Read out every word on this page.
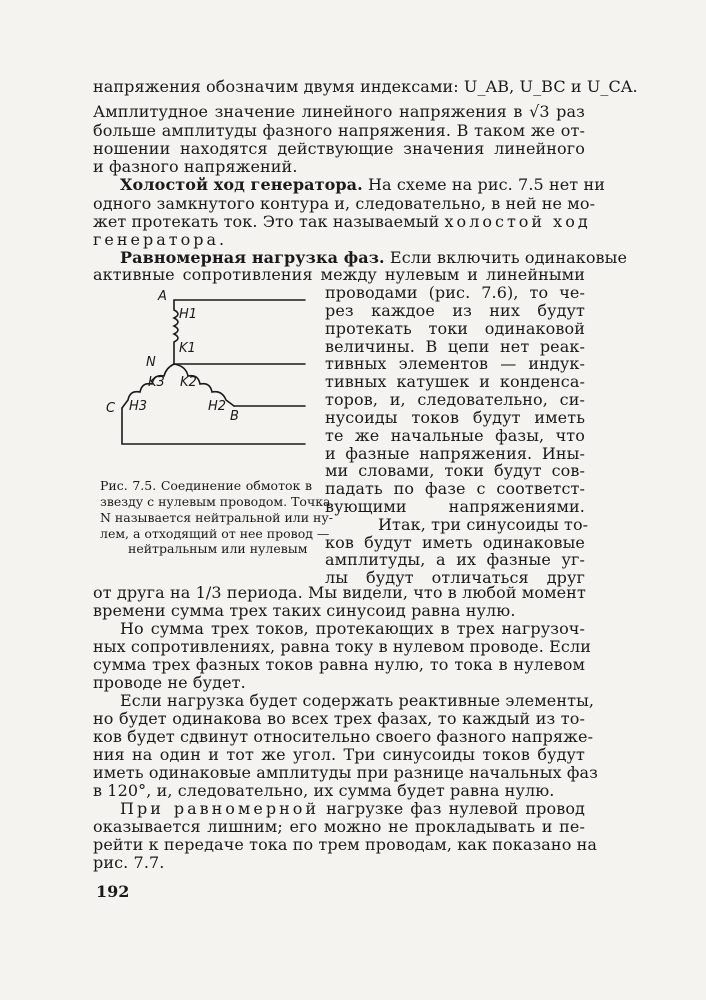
напряжения обозначим двумя индексами: U_AB, U_BC и U_CA.
Амплитудное значение линейного напряжения в √3 раз
больше амплитуды фазного напряжения. В таком же от-
ношении находятся действующие значения линейного
и фазного напряжений.
Холостой ход генератора. На схеме на рис. 7.5 нет ни
одного замкнутого контура и, следовательно, в ней не мо-
жет протекать ток. Это так называемый холостой ход
генератора.
Равномерная нагрузка фаз. Если включить одинаковые
активные сопротивления между нулевым и линейными
проводами (рис. 7.6), то че-
рез каждое из них будут
протекать токи одинаковой
величины. В цепи нет реак-
тивных элементов — индук-
тивных катушек и конденса-
торов, и, следовательно, си-
нусоиды токов будут иметь
те же начальные фазы, что
и фазные напряжения. Ины-
ми словами, токи будут сов-
падать по фазе с соответст-
вующими напряжениями.
A
H1
K1
N
K3 K2
C H3	H2
B
Рис. 7.5. Соединение обмоток в
звезду с нулевым проводом. Точка
N называется нейтральной или ну-
лем, а отходящий от нее провод —
нейтральным или нулевым
Итак, три синусоиды то-
ков будут иметь одинаковые
амплитуды, а их фазные уг-
лы будут отличаться друг
от друга на 1/3 периода. Мы видели, что в любой момент
времени сумма трех таких синусоид равна нулю.
Но сумма трех токов, протекающих в трех нагрузоч-
ных сопротивлениях, равна току в нулевом проводе. Если
сумма трех фазных токов равна нулю, то тока в нулевом
проводе не будет.
Если нагрузка будет содержать реактивные элементы,
но будет одинакова во всех трех фазах, то каждый из то-
ков будет сдвинут относительно своего фазного напряже-
ния на один и тот же угол. Три синусоиды токов будут
иметь одинаковые амплитуды при разнице начальных фаз
в 120°, и, следовательно, их сумма будет равна нулю.
При равномерной нагрузке фаз нулевой провод
оказывается лишним; его можно не прокладывать и пе-
рейти к передаче тока по трем проводам, как показано на
рис. 7.7.
192
